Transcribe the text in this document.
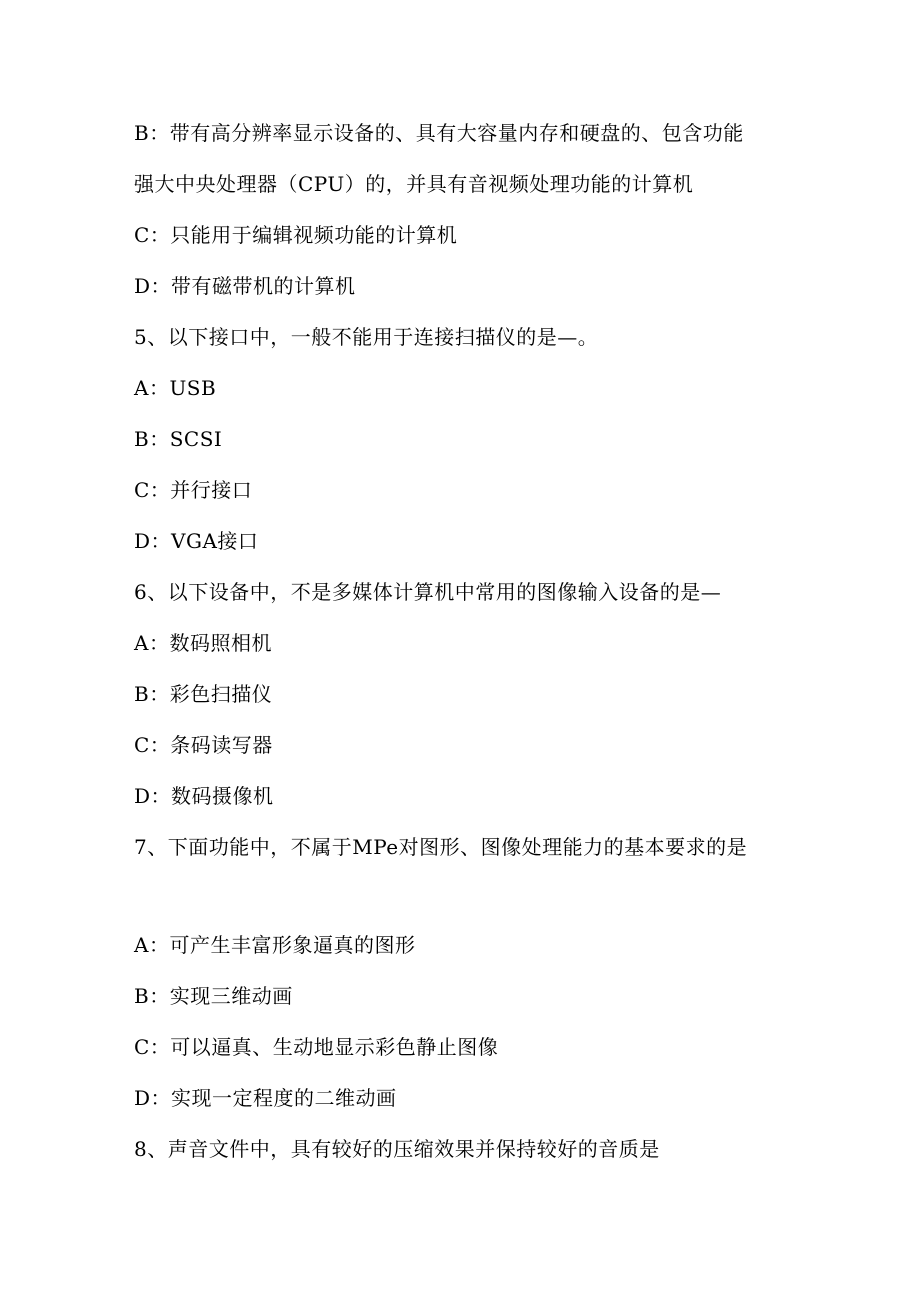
B：带有高分辨率显示设备的、具有大容量内存和硬盘的、包含功能
强大中央处理器（CPU）的，并具有音视频处理功能的计算机
C：只能用于编辑视频功能的计算机
D：带有磁带机的计算机
5、以下接口中，一般不能用于连接扫描仪的是—。
A：USB
B：SCSI
C：并行接口
D：VGA接口
6、以下设备中，不是多媒体计算机中常用的图像输入设备的是—
A：数码照相机
B：彩色扫描仪
C：条码读写器
D：数码摄像机
7、下面功能中，不属于MPe对图形、图像处理能力的基本要求的是
A：可产生丰富形象逼真的图形
B：实现三维动画
C：可以逼真、生动地显示彩色静止图像
D：实现一定程度的二维动画
8、声音文件中，具有较好的压缩效果并保持较好的音质是
